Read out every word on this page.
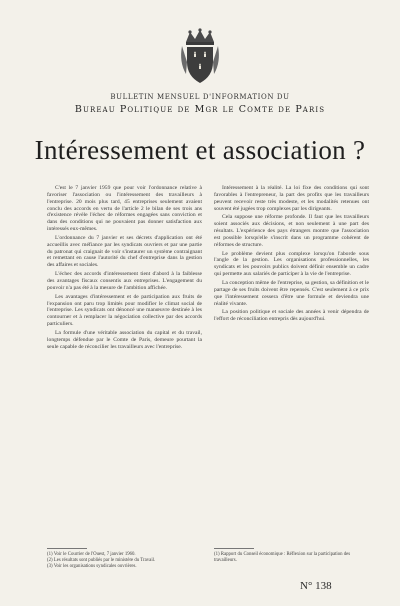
BULLETIN MENSUEL D'INFORMATION DU
Bureau Politique de Mgr le Comte de Paris
Intéressement et association ?

C'est le 7 janvier 1959 que pour voir l'ordonnance relative à favoriser l'association ou l'intéressement des travailleurs à l'entreprise. 20 mois plus tard, 45 entreprises seulement avaient conclu des accords en vertu de l'article 2 le bilan de ses trois ans d'existence révèle l'échec de réformes engagées sans conviction et dans des conditions qui ne pouvaient pas donner satisfaction aux intéressés eux-mêmes.

L'ordonnance du 7 janvier et ses décrets d'application ont été accueillis avec méfiance par les syndicats ouvriers et par une partie du patronat qui craignait de voir s'instaurer un système contraignant et remettant en cause l'autorité du chef d'entreprise dans la gestion des affaires et sociales.

L'échec des accords d'intéressement tient d'abord à la faiblesse des avantages fiscaux consentis aux entreprises. L'engagement du pouvoir n'a pas été à la mesure de l'ambition affichée.

Les avantages d'intéressement et de participation aux fruits de l'expansion ont paru trop limités pour modifier le climat social de l'entreprise. Les syndicats ont dénoncé une manœuvre destinée à les contourner et à remplacer la négociation collective par des accords particuliers.

La formule d'une véritable association du capital et du travail, longtemps défendue par le Comte de Paris, demeure pourtant la seule capable de réconcilier les travailleurs avec l'entreprise.

Intéressement à la réalité. La loi fixe des conditions qui sont favorables à l'entrepreneur, la part des profits que les travailleurs peuvent recevoir reste très modeste, et les modalités retenues ont souvent été jugées trop complexes par les dirigeants.

Cela suppose une réforme profonde. Il faut que les travailleurs soient associés aux décisions, et non seulement à une part des résultats. L'expérience des pays étrangers montre que l'association est possible lorsqu'elle s'inscrit dans un programme cohérent de réformes de structure.

Le problème devient plus complexe lorsqu'on l'aborde sous l'angle de la gestion. Les organisations professionnelles, les syndicats et les pouvoirs publics doivent définir ensemble un cadre qui permette aux salariés de participer à la vie de l'entreprise.

La conception même de l'entreprise, sa gestion, sa définition et le partage de ses fruits doivent être repensés. C'est seulement à ce prix que l'intéressement cessera d'être une formule et deviendra une réalité vivante.

La position politique et sociale des années à venir dépendra de l'effort de réconciliation entrepris dès aujourd'hui.

(1) Voir le Courrier de l'Ouest, 7 janvier 1960.
(2) Les résultats sont publiés par le ministère du Travail.
(3) Voir les organisations syndicales ouvrières.
(1) Rapport du Conseil économique : Réflexion sur la participation des travailleurs.
N° 138
